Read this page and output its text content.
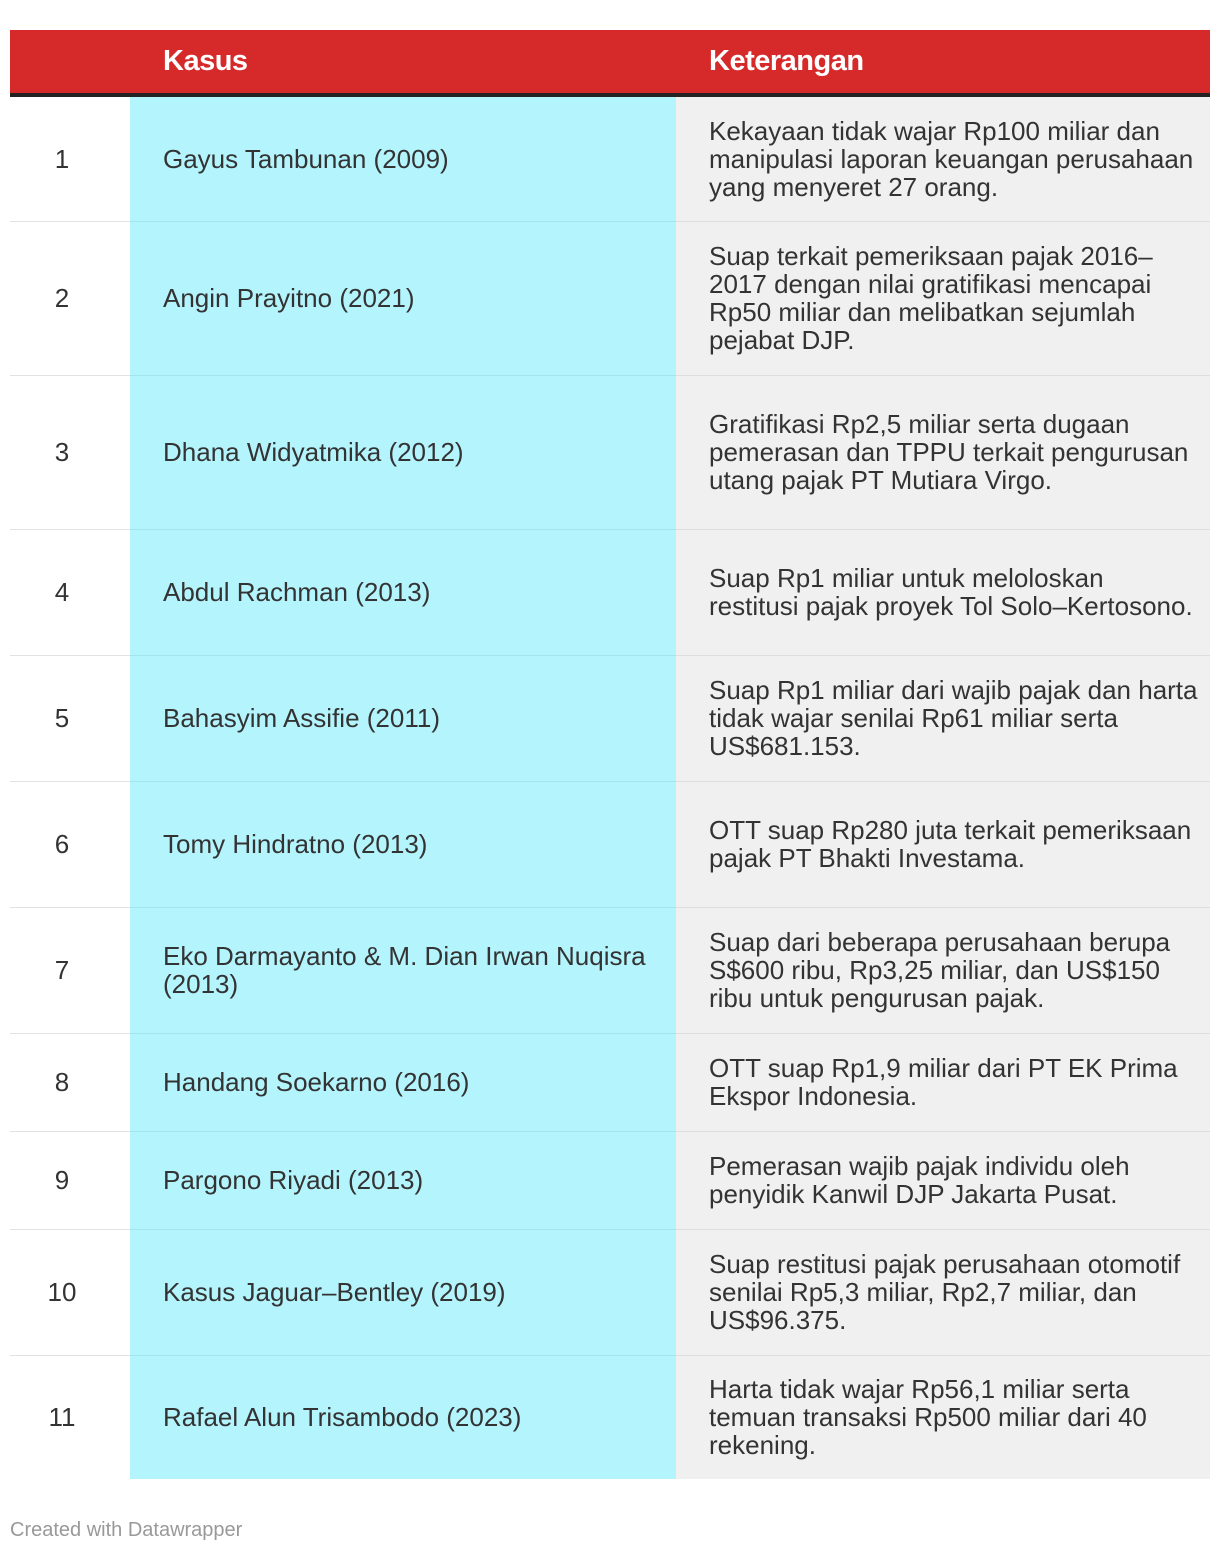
	Kasus	Keterangan
1	Gayus Tambunan (2009)	Kekayaan tidak wajar Rp100 miliar dan manipulasi laporan keuangan perusahaan yang menyeret 27 orang.
2	Angin Prayitno (2021)	Suap terkait pemeriksaan pajak 2016–2017 dengan nilai gratifikasi mencapai Rp50 miliar dan melibatkan sejumlah pejabat DJP.
3	Dhana Widyatmika (2012)	Gratifikasi Rp2,5 miliar serta dugaan pemerasan dan TPPU terkait pengurusan utang pajak PT Mutiara Virgo.
4	Abdul Rachman (2013)	Suap Rp1 miliar untuk meloloskan restitusi pajak proyek Tol Solo–Kertosono.
5	Bahasyim Assifie (2011)	Suap Rp1 miliar dari wajib pajak dan harta tidak wajar senilai Rp61 miliar serta US$681.153.
6	Tomy Hindratno (2013)	OTT suap Rp280 juta terkait pemeriksaan pajak PT Bhakti Investama.
7	Eko Darmayanto & M. Dian Irwan Nuqisra (2013)	Suap dari beberapa perusahaan berupa S$600 ribu, Rp3,25 miliar, dan US$150 ribu untuk pengurusan pajak.
8	Handang Soekarno (2016)	OTT suap Rp1,9 miliar dari PT EK Prima Ekspor Indonesia.
9	Pargono Riyadi (2013)	Pemerasan wajib pajak individu oleh penyidik Kanwil DJP Jakarta Pusat.
10	Kasus Jaguar–Bentley (2019)	Suap restitusi pajak perusahaan otomotif senilai Rp5,3 miliar, Rp2,7 miliar, dan US$96.375.
11	Rafael Alun Trisambodo (2023)	Harta tidak wajar Rp56,1 miliar serta temuan transaksi Rp500 miliar dari 40 rekening.
Created with Datawrapper
